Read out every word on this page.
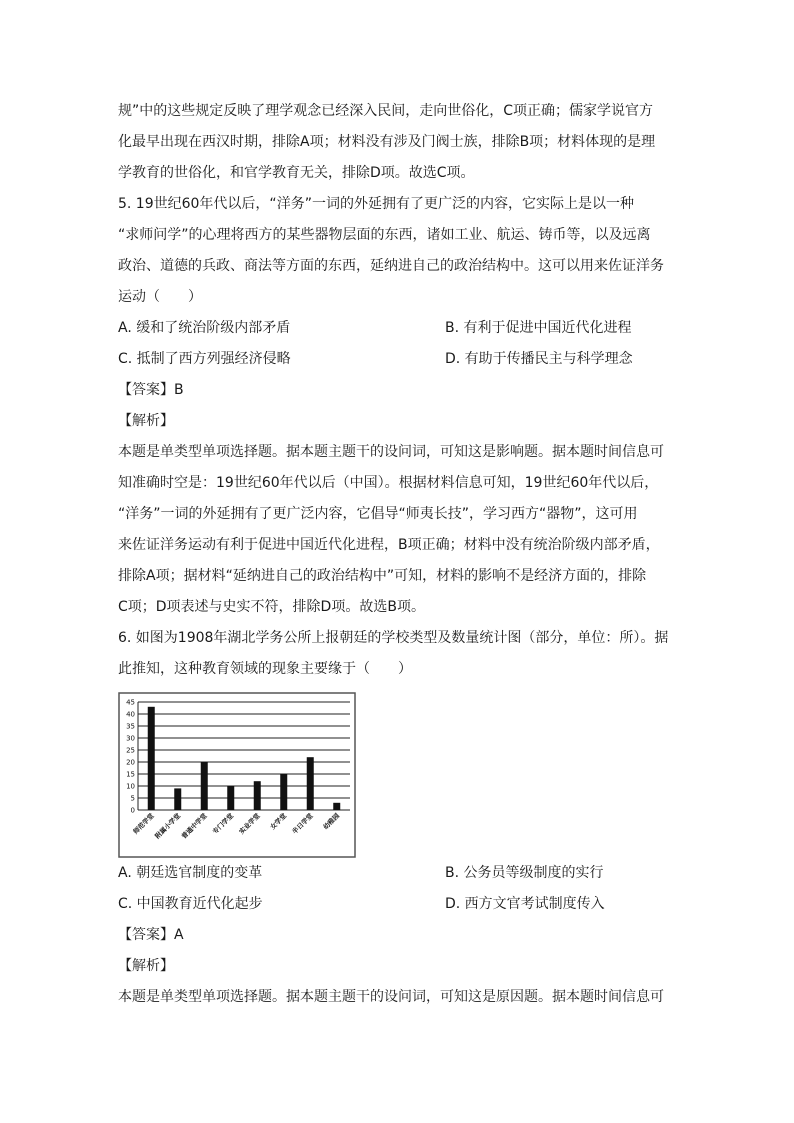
规”中的这些规定反映了理学观念已经深入民间，走向世俗化，C项正确；儒家学说官方

化最早出现在西汉时期，排除A项；材料没有涉及门阀士族，排除B项；材料体现的是理

学教育的世俗化，和官学教育无关，排除D项。故选C项。

5. 19世纪60年代以后，“洋务”一词的外延拥有了更广泛的内容，它实际上是以一种

“求师问学”的心理将西方的某些器物层面的东西，诸如工业、航运、铸币等，以及远离

政治、道德的兵政、商法等方面的东西，延纳进自己的政治结构中。这可以用来佐证洋务

运动（　　）

A. 缓和了统治阶级内部矛盾	B. 有利于促进中国近代化进程
C. 抵制了西方列强经济侵略	D. 有助于传播民主与科学理念

【答案】B

【解析】

本题是单类型单项选择题。据本题主题干的设问词，可知这是影响题。据本题时间信息可

知准确时空是：19世纪60年代以后（中国）。根据材料信息可知，19世纪60年代以后，

“洋务”一词的外延拥有了更广泛内容，它倡导“师夷长技”，学习西方“器物”，这可用

来佐证洋务运动有利于促进中国近代化进程，B项正确；材料中没有统治阶级内部矛盾，

排除A项；据材料“延纳进自己的政治结构中”可知，材料的影响不是经济方面的，排除

C项；D项表述与史实不符，排除D项。故选B项。

6. 如图为1908年湖北学务公所上报朝廷的学校类型及数量统计图（部分，单位：所）。据

此推知，这种教育领域的现象主要缘于（　　）

A. 朝廷选官制度的变革	B. 公务员等级制度的实行
C. 中国教育近代化起步	D. 西方文官考试制度传入

【答案】A

【解析】

本题是单类型单项选择题。据本题主题干的设问词，可知这是原因题。据本题时间信息可

0
5
10
15
20
25
30
35
40
45
师范学堂
附属小学堂
普通中学堂 专门学堂 实业学堂 女学堂 半日学堂 幼稚园
